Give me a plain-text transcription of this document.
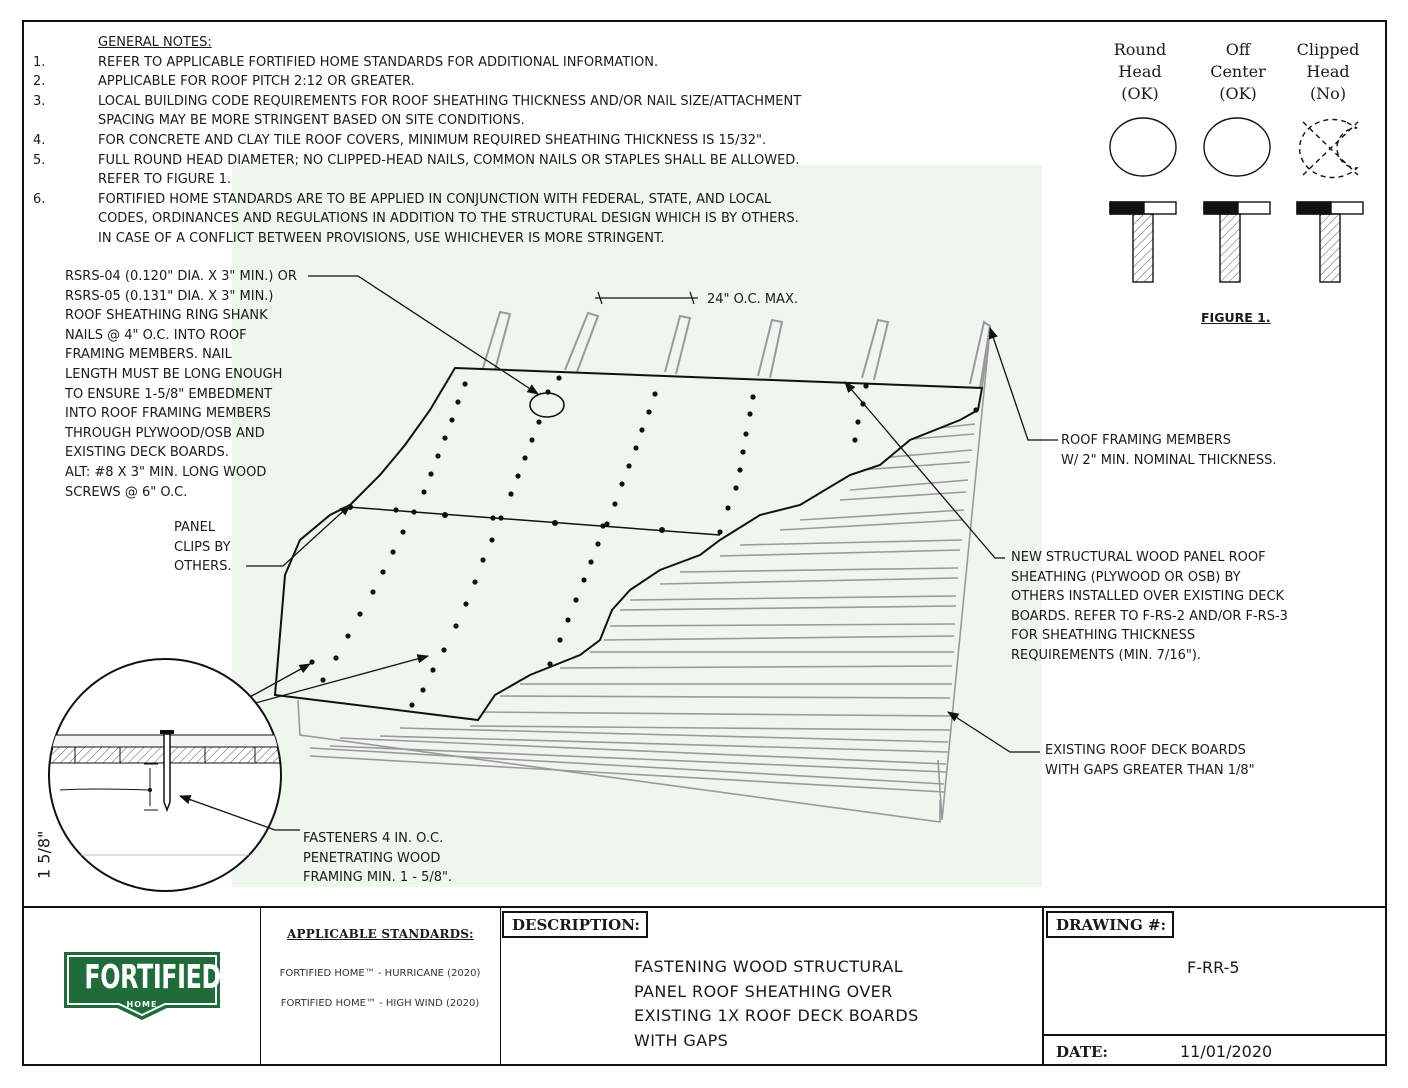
GENERAL NOTES:
1.	REFER TO APPLICABLE FORTIFIED HOME STANDARDS FOR ADDITIONAL INFORMATION.
2.	APPLICABLE FOR ROOF PITCH 2:12 OR GREATER.
3.	LOCAL BUILDING CODE REQUIREMENTS FOR ROOF SHEATHING THICKNESS AND/OR NAIL SIZE/ATTACHMENT
SPACING MAY BE MORE STRINGENT BASED ON SITE CONDITIONS.
4.	FOR CONCRETE AND CLAY TILE ROOF COVERS, MINIMUM REQUIRED SHEATHING THICKNESS IS 15/32".
5.	FULL ROUND HEAD DIAMETER; NO CLIPPED-HEAD NAILS, COMMON NAILS OR STAPLES SHALL BE ALLOWED.
REFER TO FIGURE 1.
6.	FORTIFIED HOME STANDARDS ARE TO BE APPLIED IN CONJUNCTION WITH FEDERAL, STATE, AND LOCAL
CODES, ORDINANCES AND REGULATIONS IN ADDITION TO THE STRUCTURAL DESIGN WHICH IS BY OTHERS.
IN CASE OF A CONFLICT BETWEEN PROVISIONS, USE WHICHEVER IS MORE STRINGENT.
Round
Head
(OK)
Off
Center
(OK)
Clipped
Head
(No)
FIGURE 1.
RSRS-04 (0.120" DIA. X 3" MIN.) OR
RSRS-05 (0.131" DIA. X 3" MIN.)
ROOF SHEATHING RING SHANK
NAILS @ 4" O.C. INTO ROOF
FRAMING MEMBERS. NAIL
LENGTH MUST BE LONG ENOUGH
TO ENSURE 1-5/8" EMBEDMENT
INTO ROOF FRAMING MEMBERS
THROUGH PLYWOOD/OSB AND
EXISTING DECK BOARDS.
ALT: #8 X 3" MIN. LONG WOOD
SCREWS @ 6" O.C.
24" O.C. MAX.
PANEL
CLIPS BY
OTHERS.
ROOF FRAMING MEMBERS
W/ 2" MIN. NOMINAL THICKNESS.
NEW STRUCTURAL WOOD PANEL ROOF
SHEATHING (PLYWOOD OR OSB) BY
OTHERS INSTALLED OVER EXISTING DECK
BOARDS. REFER TO F-RS-2 AND/OR F-RS-3
FOR SHEATHING THICKNESS
REQUIREMENTS (MIN. 7/16").
EXISTING ROOF DECK BOARDS
WITH GAPS GREATER THAN 1/8"
FASTENERS 4 IN. O.C.
PENETRATING WOOD
FRAMING MIN. 1 - 5/8".
1 5/8"
FORTIFIED
HOME
APPLICABLE STANDARDS:
FORTIFIED HOME™ - HURRICANE (2020)
FORTIFIED HOME™ - HIGH WIND (2020)
DESCRIPTION:
FASTENING WOOD STRUCTURAL
PANEL ROOF SHEATHING OVER
EXISTING 1X ROOF DECK BOARDS
WITH GAPS
DRAWING #:
F-RR-5
DATE:	11/01/2020
